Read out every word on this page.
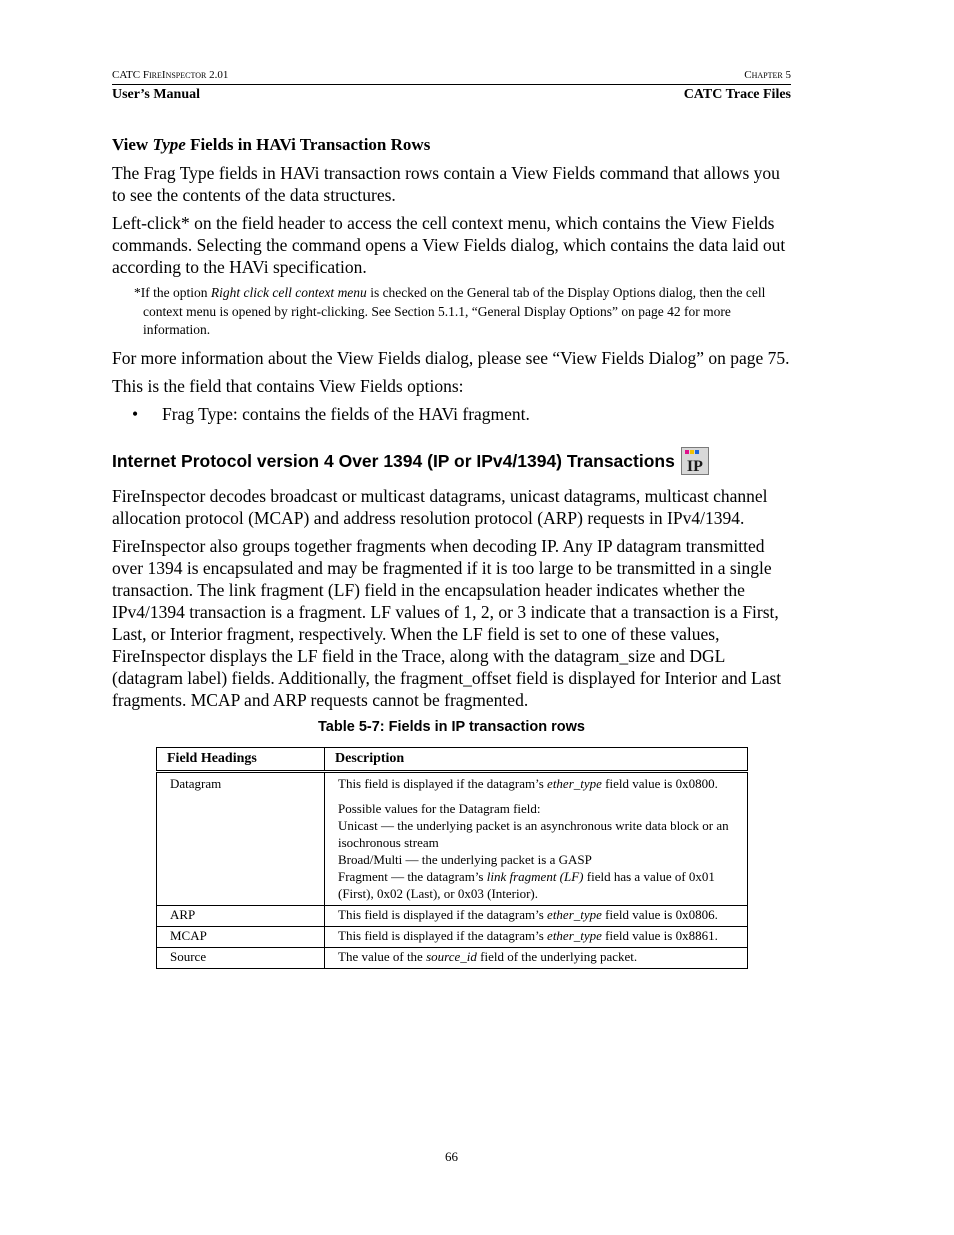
CATC FireInspector 2.01	Chapter 5
User’s Manual	CATC Trace Files
View Type Fields in HAVi Transaction Rows

The Frag Type fields in HAVi transaction rows contain a View Fields command that allows you to see the contents of the data structures.

Left-click* on the field header to access the cell context menu, which contains the View Fields commands. Selecting the command opens a View Fields dialog, which contains the data laid out according to the HAVi specification.

*If the option Right click cell context menu is checked on the General tab of the Display Options dialog, then the cell context menu is opened by right-clicking. See Section 5.1.1, “General Display Options” on page 42 for more information.

For more information about the View Fields dialog, please see “View Fields Dialog” on page 75.

This is the field that contains View Fields options:

• Frag Type: contains the fields of the HAVi fragment.
Internet Protocol version 4 Over 1394 (IP or IPv4/1394) Transactions IP

FireInspector decodes broadcast or multicast datagrams, unicast datagrams, multicast channel allocation protocol (MCAP) and address resolution protocol (ARP) requests in IPv4/1394.

FireInspector also groups together fragments when decoding IP. Any IP datagram transmitted over 1394 is encapsulated and may be fragmented if it is too large to be transmitted in a single transaction. The link fragment (LF) field in the encapsulation header indicates whether the IPv4/1394 transaction is a fragment. LF values of 1, 2, or 3 indicate that a transaction is a First, Last, or Interior fragment, respectively. When the LF field is set to one of these values, FireInspector displays the LF field in the Trace, along with the datagram_size and DGL (datagram label) fields. Additionally, the fragment_offset field is displayed for Interior and Last fragments. MCAP and ARP requests cannot be fragmented.

Table 5-7: Fields in IP transaction rows
Field Headings	Description
Datagram	This field is displayed if the datagram’s ether_type field value is 0x0800.
Possible values for the Datagram field:
Unicast — the underlying packet is an asynchronous write data block or an isochronous stream
Broad/Multi — the underlying packet is a GASP
Fragment — the datagram’s link fragment (LF) field has a value of 0x01 (First), 0x02 (Last), or 0x03 (Interior).

ARP	This field is displayed if the datagram’s ether_type field value is 0x0806.
MCAP	This field is displayed if the datagram’s ether_type field value is 0x8861.
Source	The value of the source_id field of the underlying packet.
66
